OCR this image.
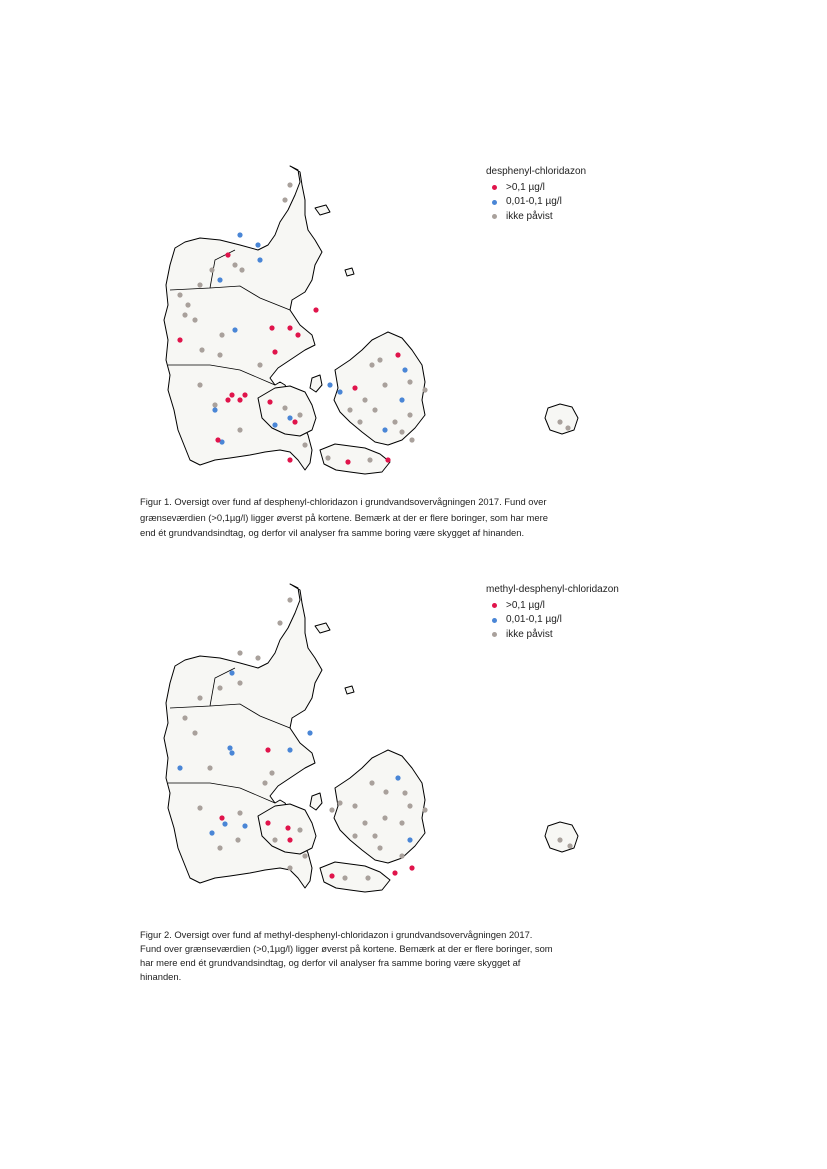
desphenyl-chloridazon
>0,1 µg/l
0,01-0,1 µg/l
ikke påvist
Figur 1. Oversigt over fund af desphenyl-chloridazon i grundvandsovervågningen 2017. Fund over
grænseværdien (>0,1µg/l) ligger øverst på kortene. Bemærk at der er flere boringer, som har mere
end ét grundvandsindtag, og derfor vil analyser fra samme boring være skygget af hinanden.
methyl-desphenyl-chloridazon
>0,1 µg/l
0,01-0,1 µg/l
ikke påvist
Figur 2. Oversigt over fund af methyl-desphenyl-chloridazon i grundvandsovervågningen 2017.
Fund over grænseværdien (>0,1µg/l) ligger øverst på kortene. Bemærk at der er flere boringer, som
har mere end ét grundvandsindtag, og derfor vil analyser fra samme boring være skygget af
hinanden.
